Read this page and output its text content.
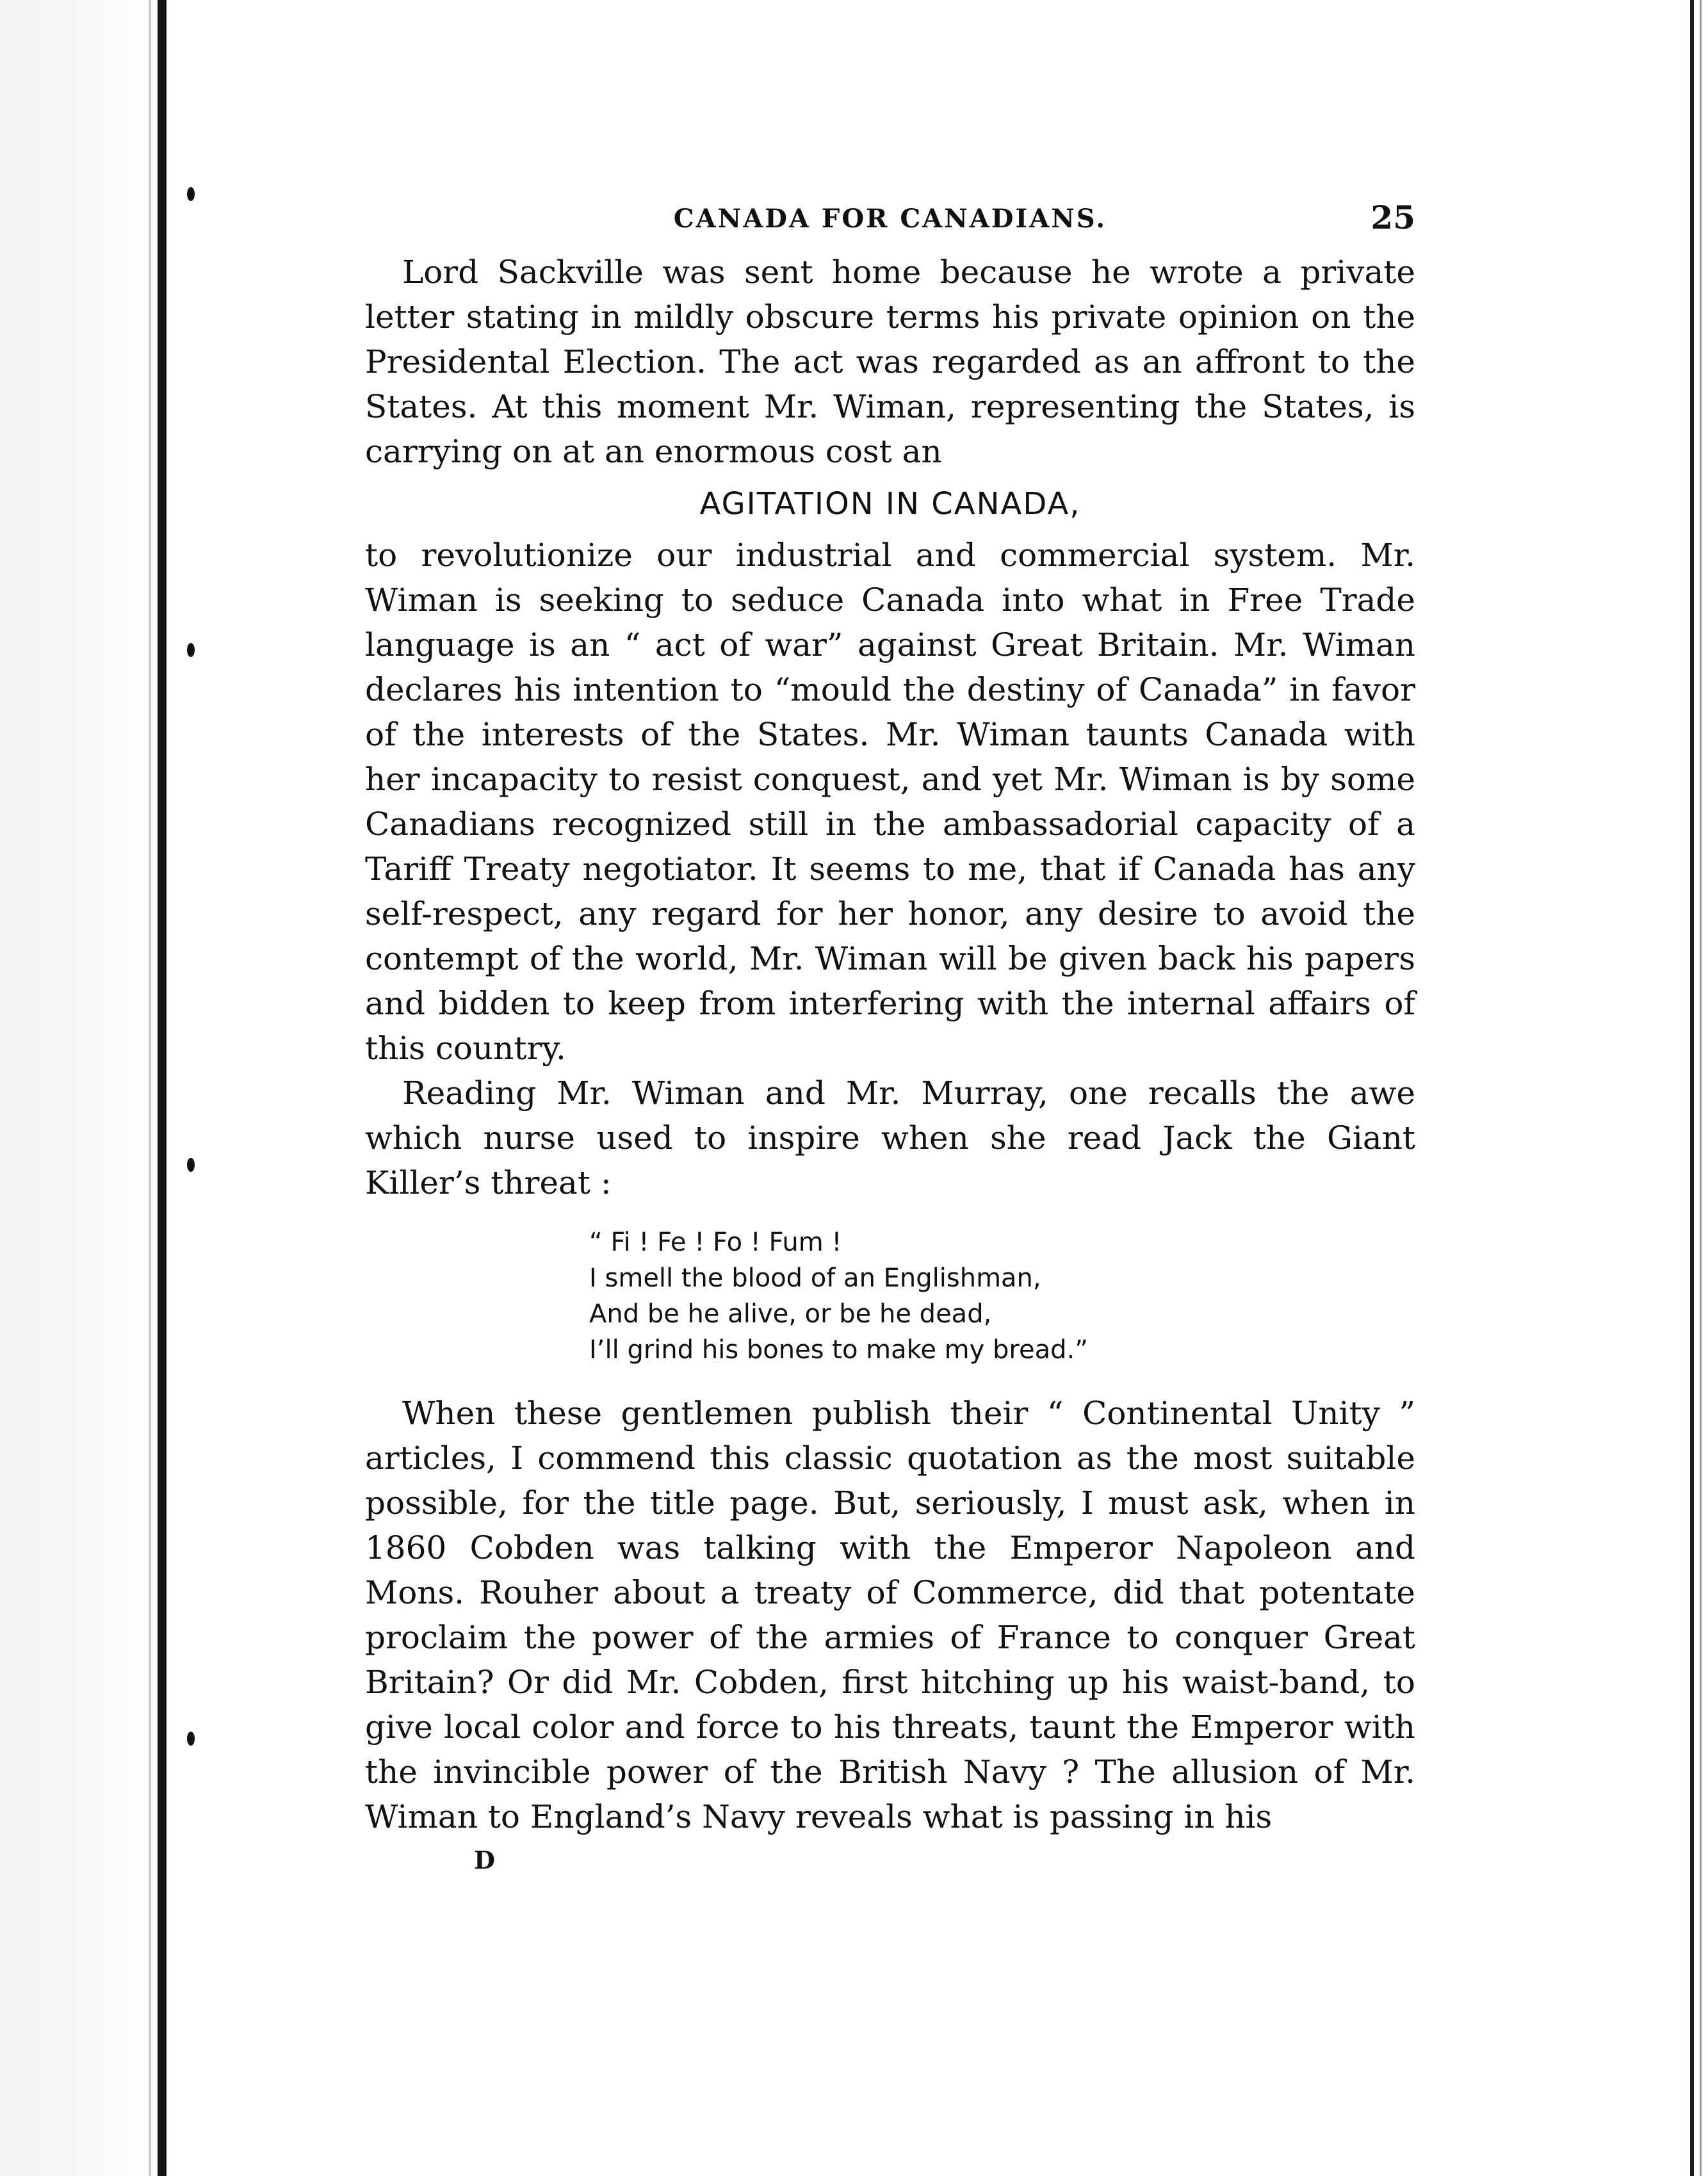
CANADA FOR CANADIANS.	25

Lord Sackville was sent home because he wrote a private letter stating in mildly obscure terms his private opinion on the Presidental Election. The act was regarded as an affront to the States. At this moment Mr. Wiman, representing the States, is carrying on at an enormous cost an

AGITATION IN CANADA,

to revolutionize our industrial and commercial system. Mr. Wiman is seeking to seduce Canada into what in Free Trade language is an “ act of war” against Great Britain. Mr. Wiman declares his intention to “mould the destiny of Canada” in favor of the interests of the States. Mr. Wiman taunts Canada with her incapacity to resist conquest, and yet Mr. Wiman is by some Canadians recognized still in the ambassadorial capacity of a Tariff Treaty negotiator. It seems to me, that if Canada has any self-respect, any regard for her honor, any desire to avoid the contempt of the world, Mr. Wiman will be given back his papers and bidden to keep from interfering with the internal affairs of this country.

Reading Mr. Wiman and Mr. Murray, one recalls the awe which nurse used to inspire when she read Jack the Giant Killer’s threat :

“ Fi ! Fe ! Fo ! Fum !
I smell the blood of an Englishman,
And be he alive, or be he dead,
I’ll grind his bones to make my bread.”

When these gentlemen publish their “ Continental Unity ” articles, I commend this classic quotation as the most suitable possible, for the title page. But, seriously, I must ask, when in 1860 Cobden was talking with the Emperor Napoleon and Mons. Rouher about a treaty of Commerce, did that potentate proclaim the power of the armies of France to conquer Great Britain? Or did Mr. Cobden, first hitching up his waist-band, to give local color and force to his threats, taunt the Emperor with the invincible power of the British Navy ? The allusion of Mr. Wiman to England’s Navy reveals what is passing in his

D
